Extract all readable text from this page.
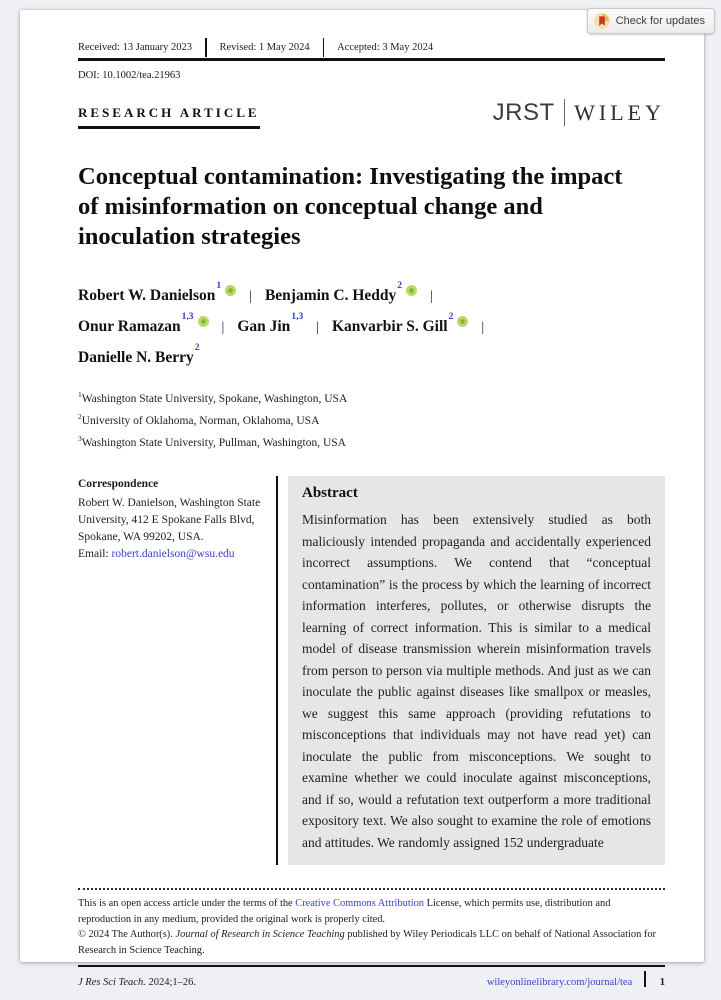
Check for updates
Received: 13 January 2023	Revised: 1 May 2024	Accepted: 3 May 2024
DOI: 10.1002/tea.21963
RESEARCH ARTICLE	JRST WILEY
Conceptual contamination: Investigating the impact of misinformation on conceptual change and inoculation strategies
Robert W. Danielson$^1$
| Benjamin C. Heddy$^2$
|
Onur Ramazan$^{1,3}$
| Gan Jin$^{1,3}$
| Kanvarbir S. Gill$^2$
|
Danielle N. Berry$^2$
$^1$Washington State University, Spokane, Washington, USA
$^2$University of Oklahoma, Norman, Oklahoma, USA
$^3$Washington State University, Pullman, Washington, USA
Correspondence
Robert W. Danielson, Washington State University, 412 E Spokane Falls Blvd, Spokane, WA 99202, USA.
Email: robert.danielson@wsu.edu
Abstract
Misinformation has been extensively studied as both maliciously intended propaganda and accidentally experienced incorrect assumptions. We contend that “conceptual contamination” is the process by which the learning of incorrect information interferes, pollutes, or otherwise disrupts the learning of correct information. This is similar to a medical model of disease transmission wherein misinformation travels from person to person via multiple methods. And just as we can inoculate the public against diseases like smallpox or measles, we suggest this same approach (providing refutations to misconceptions that individuals may not have read yet) can inoculate the public from misconceptions. We sought to examine whether we could inoculate against misconceptions, and if so, would a refutation text outperform a more traditional expository text. We also sought to examine the role of emotions and attitudes. We randomly assigned 152 undergraduate
This is an open access article under the terms of the Creative Commons Attribution License, which permits use, distribution and reproduction in any medium, provided the original work is properly cited.
© 2024 The Author(s). Journal of Research in Science Teaching published by Wiley Periodicals LLC on behalf of National Association for Research in Science Teaching.
J Res Sci Teach. 2024;1–26.	wileyonlinelibrary.com/journal/tea	1
